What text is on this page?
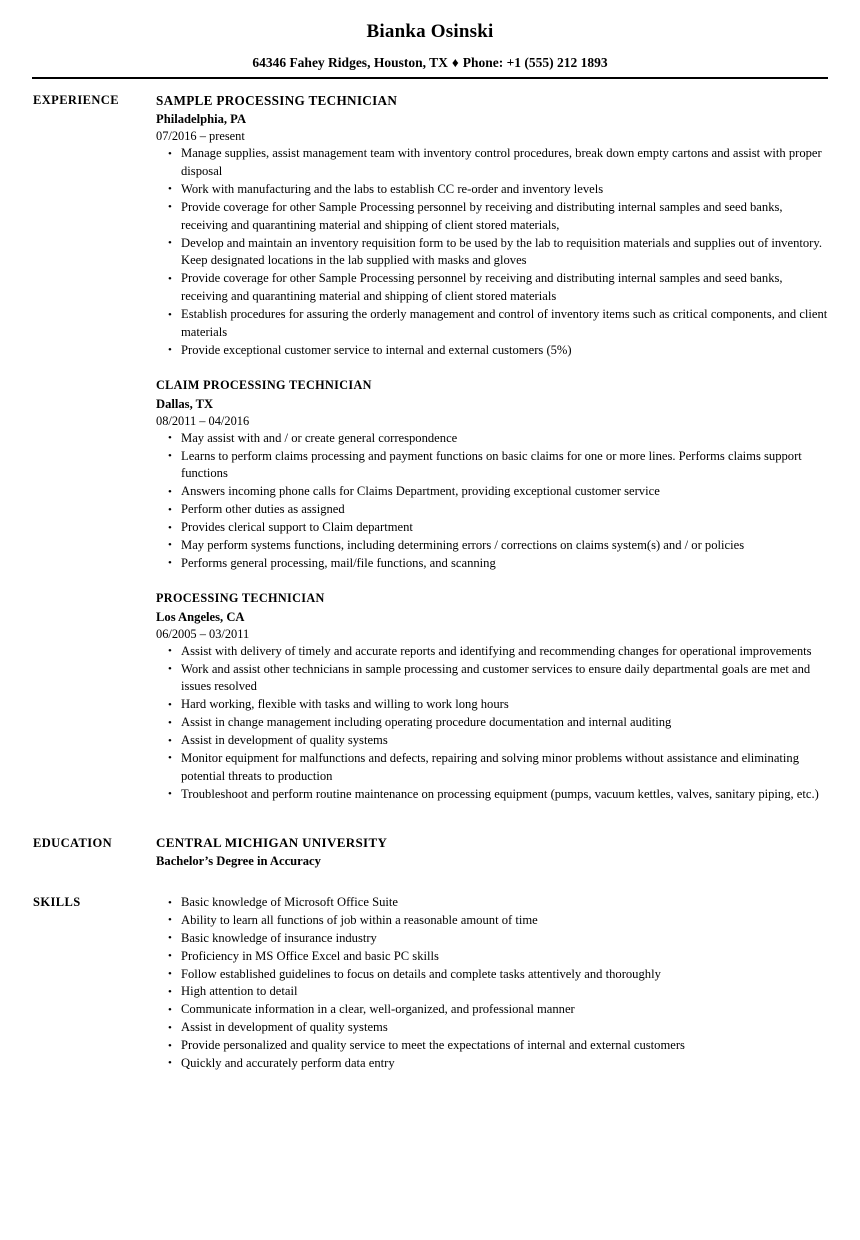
Bianka Osinski
64346 Fahey Ridges, Houston, TX ♦ Phone: +1 (555) 212 1893
EXPERIENCE	SAMPLE PROCESSING TECHNICIAN
Philadelphia, PA
07/2016 – present
• Manage supplies, assist management team with inventory control procedures, break down empty cartons and assist with proper disposal
• Work with manufacturing and the labs to establish CC re-order and inventory levels
• Provide coverage for other Sample Processing personnel by receiving and distributing internal samples and seed banks, receiving and quarantining material and shipping of client stored materials,
• Develop and maintain an inventory requisition form to be used by the lab to requisition materials and supplies out of inventory. Keep designated locations in the lab supplied with masks and gloves
• Provide coverage for other Sample Processing personnel by receiving and distributing internal samples and seed banks, receiving and quarantining material and shipping of client stored materials
• Establish procedures for assuring the orderly management and control of inventory items such as critical components, and client materials
• Provide exceptional customer service to internal and external customers (5%)
CLAIM PROCESSING TECHNICIAN
Dallas, TX
08/2011 – 04/2016
• May assist with and / or create general correspondence
• Learns to perform claims processing and payment functions on basic claims for one or more lines. Performs claims support functions
• Answers incoming phone calls for Claims Department, providing exceptional customer service
• Perform other duties as assigned
• Provides clerical support to Claim department
• May perform systems functions, including determining errors / corrections on claims system(s) and / or policies
• Performs general processing, mail/file functions, and scanning
PROCESSING TECHNICIAN
Los Angeles, CA
06/2005 – 03/2011
• Assist with delivery of timely and accurate reports and identifying and recommending changes for operational improvements
• Work and assist other technicians in sample processing and customer services to ensure daily departmental goals are met and issues resolved
• Hard working, flexible with tasks and willing to work long hours
• Assist in change management including operating procedure documentation and internal auditing
• Assist in development of quality systems
• Monitor equipment for malfunctions and defects, repairing and solving minor problems without assistance and eliminating potential threats to production
• Troubleshoot and perform routine maintenance on processing equipment (pumps, vacuum kettles, valves, sanitary piping, etc.)
EDUCATION	CENTRAL MICHIGAN UNIVERSITY
Bachelor’s Degree in Accuracy
SKILLS	• Basic knowledge of Microsoft Office Suite
• Ability to learn all functions of job within a reasonable amount of time
• Basic knowledge of insurance industry
• Proficiency in MS Office Excel and basic PC skills
• Follow established guidelines to focus on details and complete tasks attentively and thoroughly
• High attention to detail
• Communicate information in a clear, well-organized, and professional manner
• Assist in development of quality systems
• Provide personalized and quality service to meet the expectations of internal and external customers
• Quickly and accurately perform data entry
